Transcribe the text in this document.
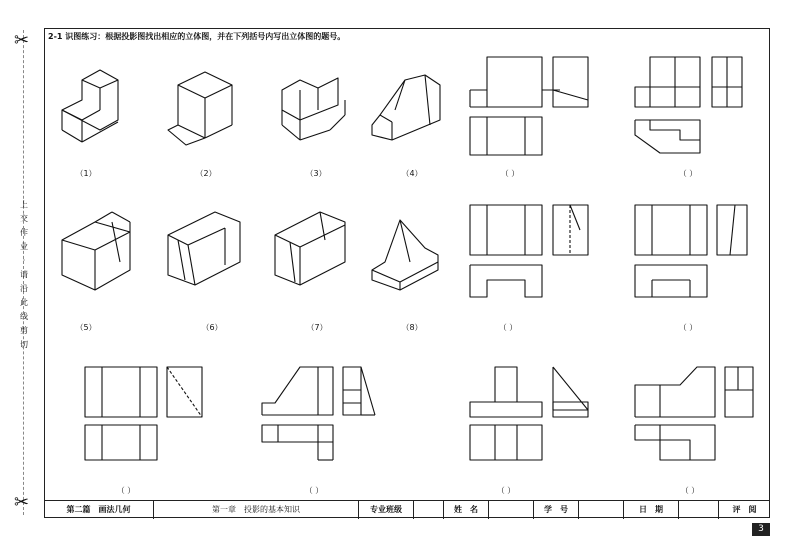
✂
✂
上
交
作
业
·
请
沿
此
线
剪
切
2-1 识图练习：根据投影图找出相应的立体图，并在下列括号内写出立体图的题号。
（1）	（2）	（3）	（4）
（5）	（6）	（7）	（8）
（ ）	（ ）
（ ）	（ ）
（ ）	（ ）	（ ）	（ ）
第二篇　画法几何	第一章　投影的基本知识	专业班级	姓　名	学　号	日　期	评　阅
3
